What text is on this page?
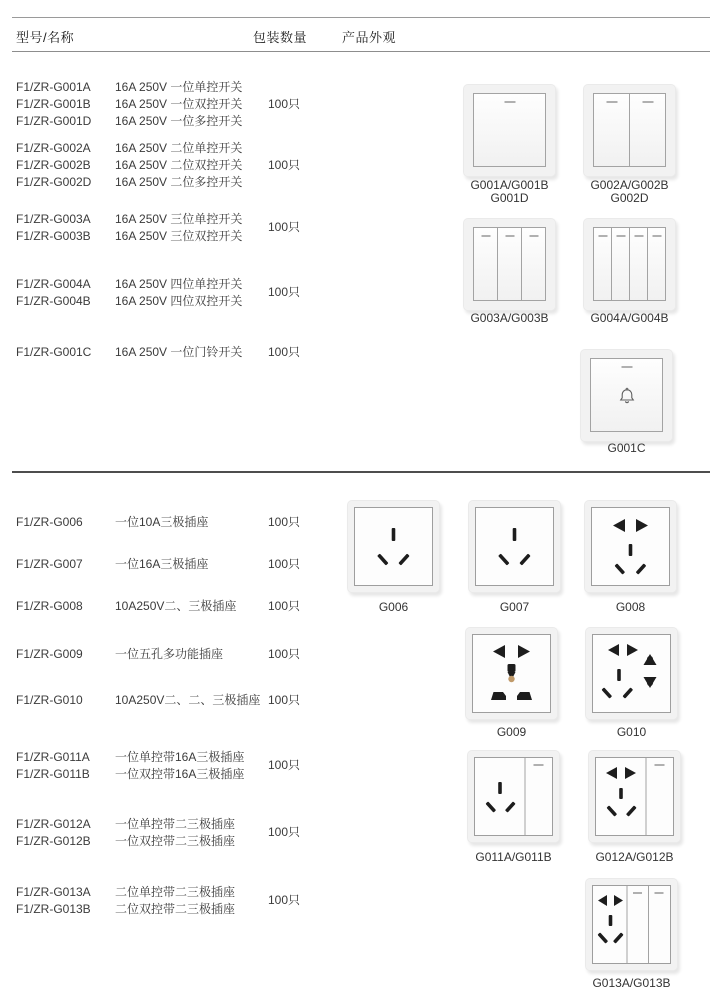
型号/名称	包装数量	产品外观
F1/ZR-G001A 16A 250V 一位单控开关
F1/ZR-G001B 16A 250V 一位双控开关
F1/ZR-G001D 16A 250V 一位多控开关
100只
F1/ZR-G002A 16A 250V 二位单控开关
F1/ZR-G002B 16A 250V 二位双控开关
F1/ZR-G002D 16A 250V 二位多控开关
100只
F1/ZR-G003A 16A 250V 三位单控开关
F1/ZR-G003B 16A 250V 三位双控开关
100只
F1/ZR-G004A 16A 250V 四位单控开关
F1/ZR-G004B 16A 250V 四位双控开关
100只
F1/ZR-G001C 16A 250V 一位门铃开关 100只
G001A/G001B
G001D
G002A/G002B
G002D
G003A/G003B	G004A/G004B
G001C
F1/ZR-G006	一位10A三极插座	100只
F1/ZR-G007	一位16A三极插座	100只
F1/ZR-G008	10A250V二、三极插座	100只
F1/ZR-G009	一位五孔多功能插座	100只
F1/ZR-G010	10A250V二、二、三极插座 100只
F1/ZR-G011A 一位单控带16A三极插座
F1/ZR-G011B 一位双控带16A三极插座
100只
F1/ZR-G012A 一位单控带二三极插座
F1/ZR-G012B 一位双控带二三极插座
100只
F1/ZR-G013A 二位单控带二三极插座
F1/ZR-G013B 二位双控带二三极插座
100只
G006	G007	G008
G009	G010
G011A/G011B	G012A/G012B
G013A/G013B
